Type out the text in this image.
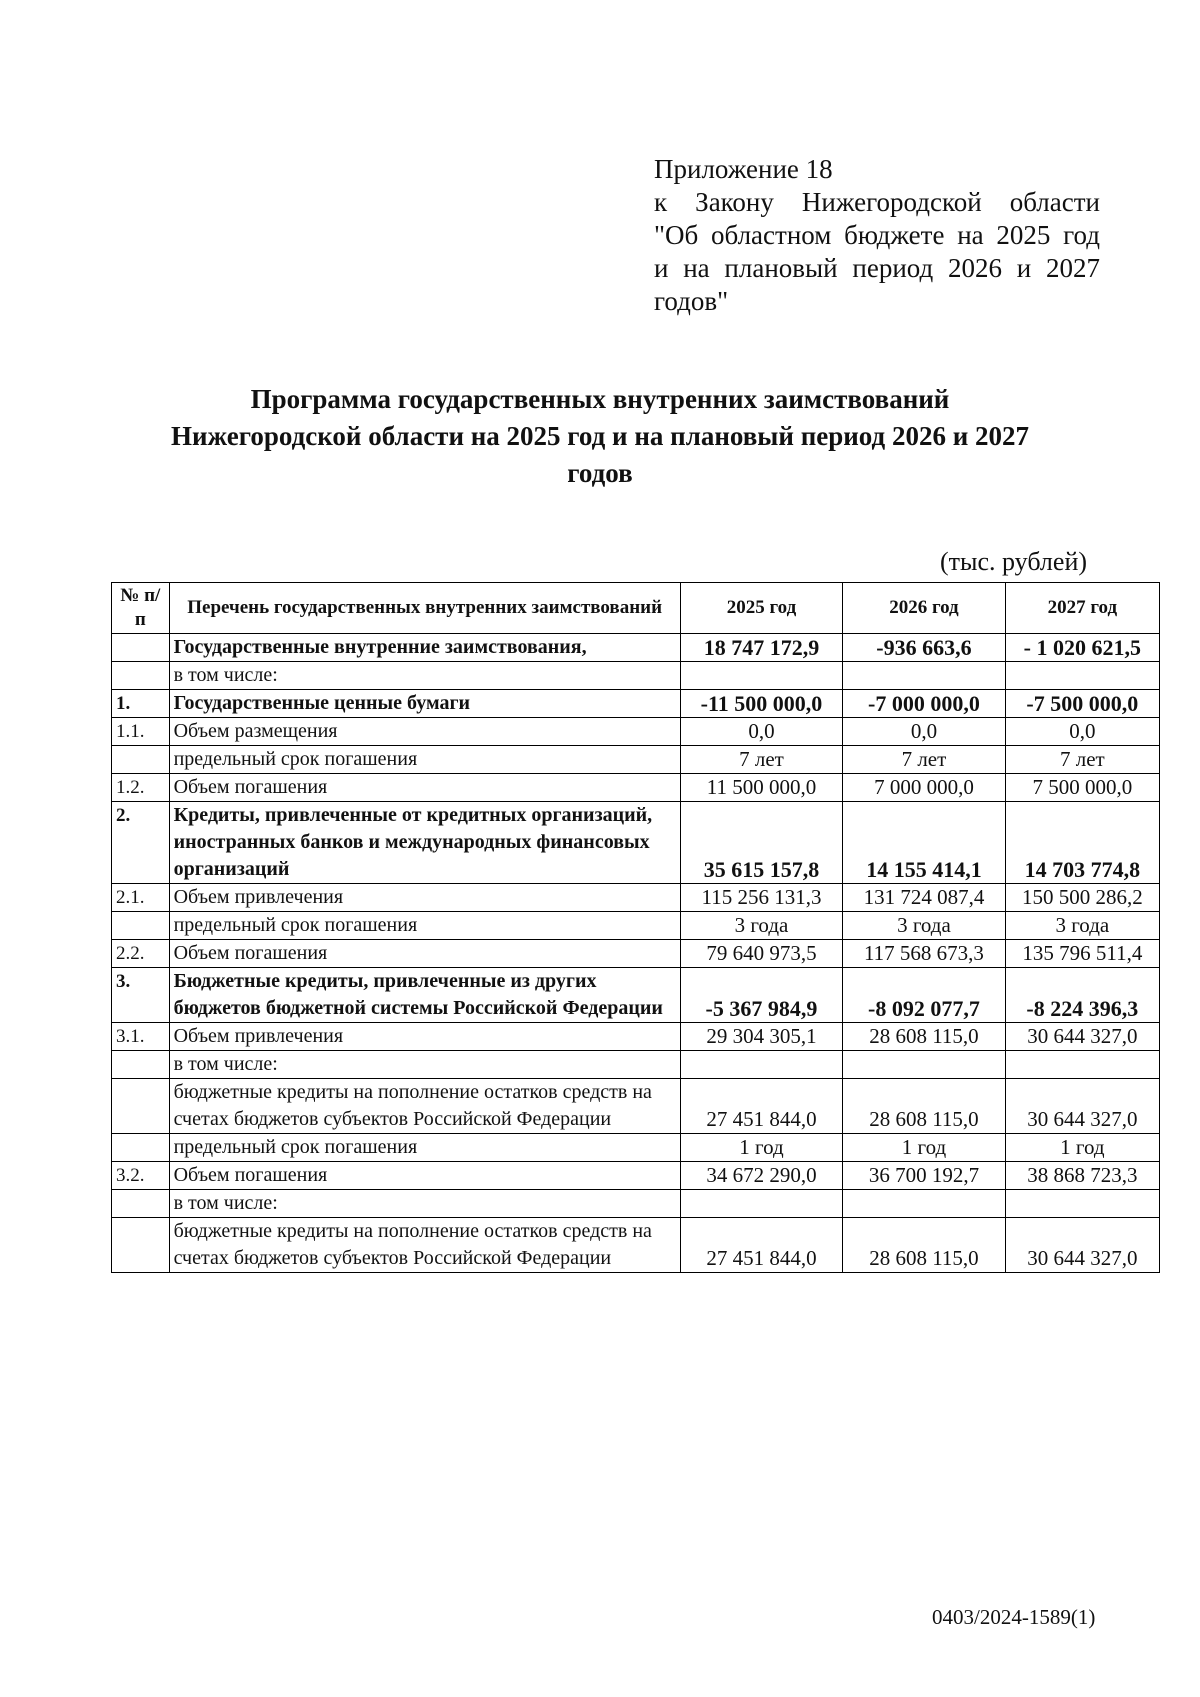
Приложение 18
к Закону Нижегородской области
"Об областном бюджете на 2025 год
и на плановый период 2026 и 2027
годов"
Программа государственных внутренних заимствований
Нижегородской области на 2025 год и на плановый период 2026 и 2027
годов
(тыс. рублей)
№ п/п	Перечень государственных внутренних заимствований	2025 год	2026 год	2027 год
	Государственные внутренние заимствования,	18 747 172,9	-936 663,6	- 1 020 621,5
	в том числе:			
1.	Государственные ценные бумаги	-11 500 000,0	-7 000 000,0	-7 500 000,0
1.1.	Объем размещения	0,0	0,0	0,0
	предельный срок погашения	7 лет	7 лет	7 лет
1.2.	Объем погашения	11 500 000,0	7 000 000,0	7 500 000,0
2.	Кредиты, привлеченные от кредитных организаций, иностранных банков и международных финансовых организаций	35 615 157,8	14 155 414,1	14 703 774,8
2.1.	Объем привлечения	115 256 131,3	131 724 087,4	150 500 286,2
	предельный срок погашения	3 года	3 года	3 года
2.2.	Объем погашения	79 640 973,5	117 568 673,3	135 796 511,4
3.	Бюджетные кредиты, привлеченные из других бюджетов бюджетной системы Российской Федерации	-5 367 984,9	-8 092 077,7	-8 224 396,3
3.1.	Объем привлечения	29 304 305,1	28 608 115,0	30 644 327,0
	в том числе:			
	бюджетные кредиты на пополнение остатков средств на счетах бюджетов субъектов Российской Федерации	27 451 844,0	28 608 115,0	30 644 327,0
	предельный срок погашения	1 год	1 год	1 год
3.2.	Объем погашения	34 672 290,0	36 700 192,7	38 868 723,3
	в том числе:			
	бюджетные кредиты на пополнение остатков средств на счетах бюджетов субъектов Российской Федерации	27 451 844,0	28 608 115,0	30 644 327,0
0403/2024-1589(1)
